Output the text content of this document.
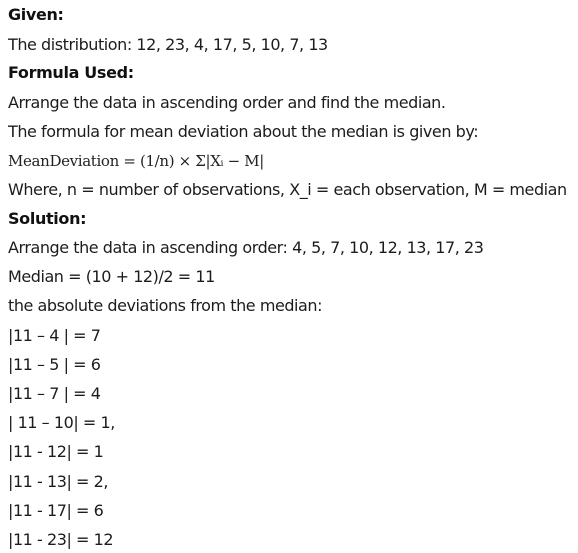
Given:
The distribution: 12, 23, 4, 17, 5, 10, 7, 13
Formula Used:
Arrange the data in ascending order and find the median.
The formula for mean deviation about the median is given by:
MeanDeviation = (1/n) × Σ|Xᵢ − M|
Where, n = number of observations, X_i = each observation, M = median
Solution:
Arrange the data in ascending order: 4, 5, 7, 10, 12, 13, 17, 23
Median = (10 + 12)/2 = 11
the absolute deviations from the median:
|11 – 4 | = 7
|11 – 5 | = 6
|11 – 7 | = 4
| 11 – 10| = 1,
|11 - 12| = 1
|11 - 13| = 2,
|11 - 17| = 6
|11 - 23| = 12
